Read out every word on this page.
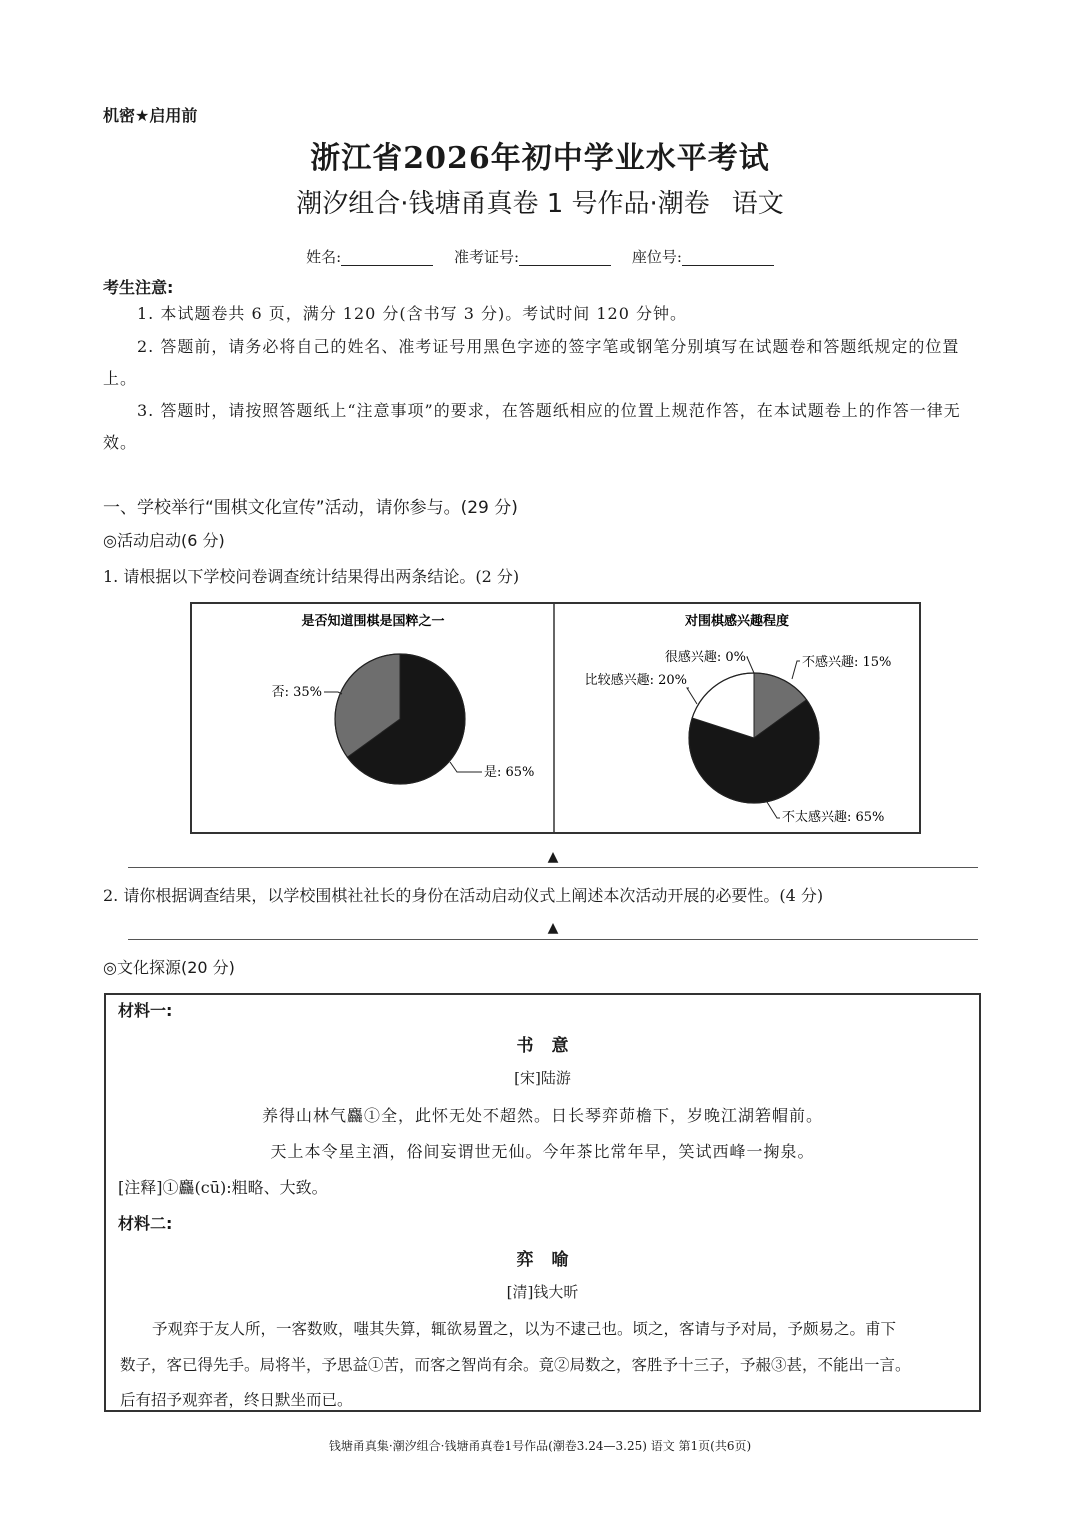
机密★启用前
浙江省2026年初中学业水平考试
潮汐组合·钱塘甬真卷 1 号作品·潮卷 语文
姓名:	准考证号:	座位号:
考生注意:
1. 本试题卷共 6 页，满分 120 分(含书写 3 分)。考试时间 120 分钟。
2. 答题前，请务必将自己的姓名、准考证号用黑色字迹的签字笔或钢笔分别填写在试题卷和答题纸规定的位置上。
3. 答题时，请按照答题纸上“注意事项”的要求，在答题纸相应的位置上规范作答，在本试题卷上的作答一律无效。
一、学校举行“围棋文化宣传”活动，请你参与。(29 分)
◎活动启动(6 分)
1. 请根据以下学校问卷调查统计结果得出两条结论。(2 分)
是否知道围棋是国粹之一	对围棋感兴趣程度
是: 65%
否: 35%
不感兴趣: 15%
不太感兴趣: 65%
比较感兴趣: 20%
很感兴趣: 0%
▲
2. 请你根据调查结果，以学校围棋社社长的身份在活动启动仪式上阐述本次活动开展的必要性。(4 分)
▲
◎文化探源(20 分)
材料一:
书意
[宋]陆游
养得山林气麤①全，此怀无处不超然。日长琴弈茆檐下，岁晚江湖箬帽前。
天上本令星主酒，俗间妄谓世无仙。今年茶比常年早，笑试西峰一掬泉。
[注释]①麤(cū):粗略、大致。
材料二:
弈喻
[清]钱大昕
予观弈于友人所，一客数败，嗤其失算，辄欲易置之，以为不逮己也。顷之，客请与予对局，予颇易之。甫下
数子，客已得先手。局将半，予思益①苦，而客之智尚有余。竟②局数之，客胜予十三子，予赧③甚，不能出一言。
后有招予观弈者，终日默坐而已。
钱塘甬真集·潮汐组合·钱塘甬真卷1号作品(潮卷3.24—3.25) 语文 第1页(共6页)
